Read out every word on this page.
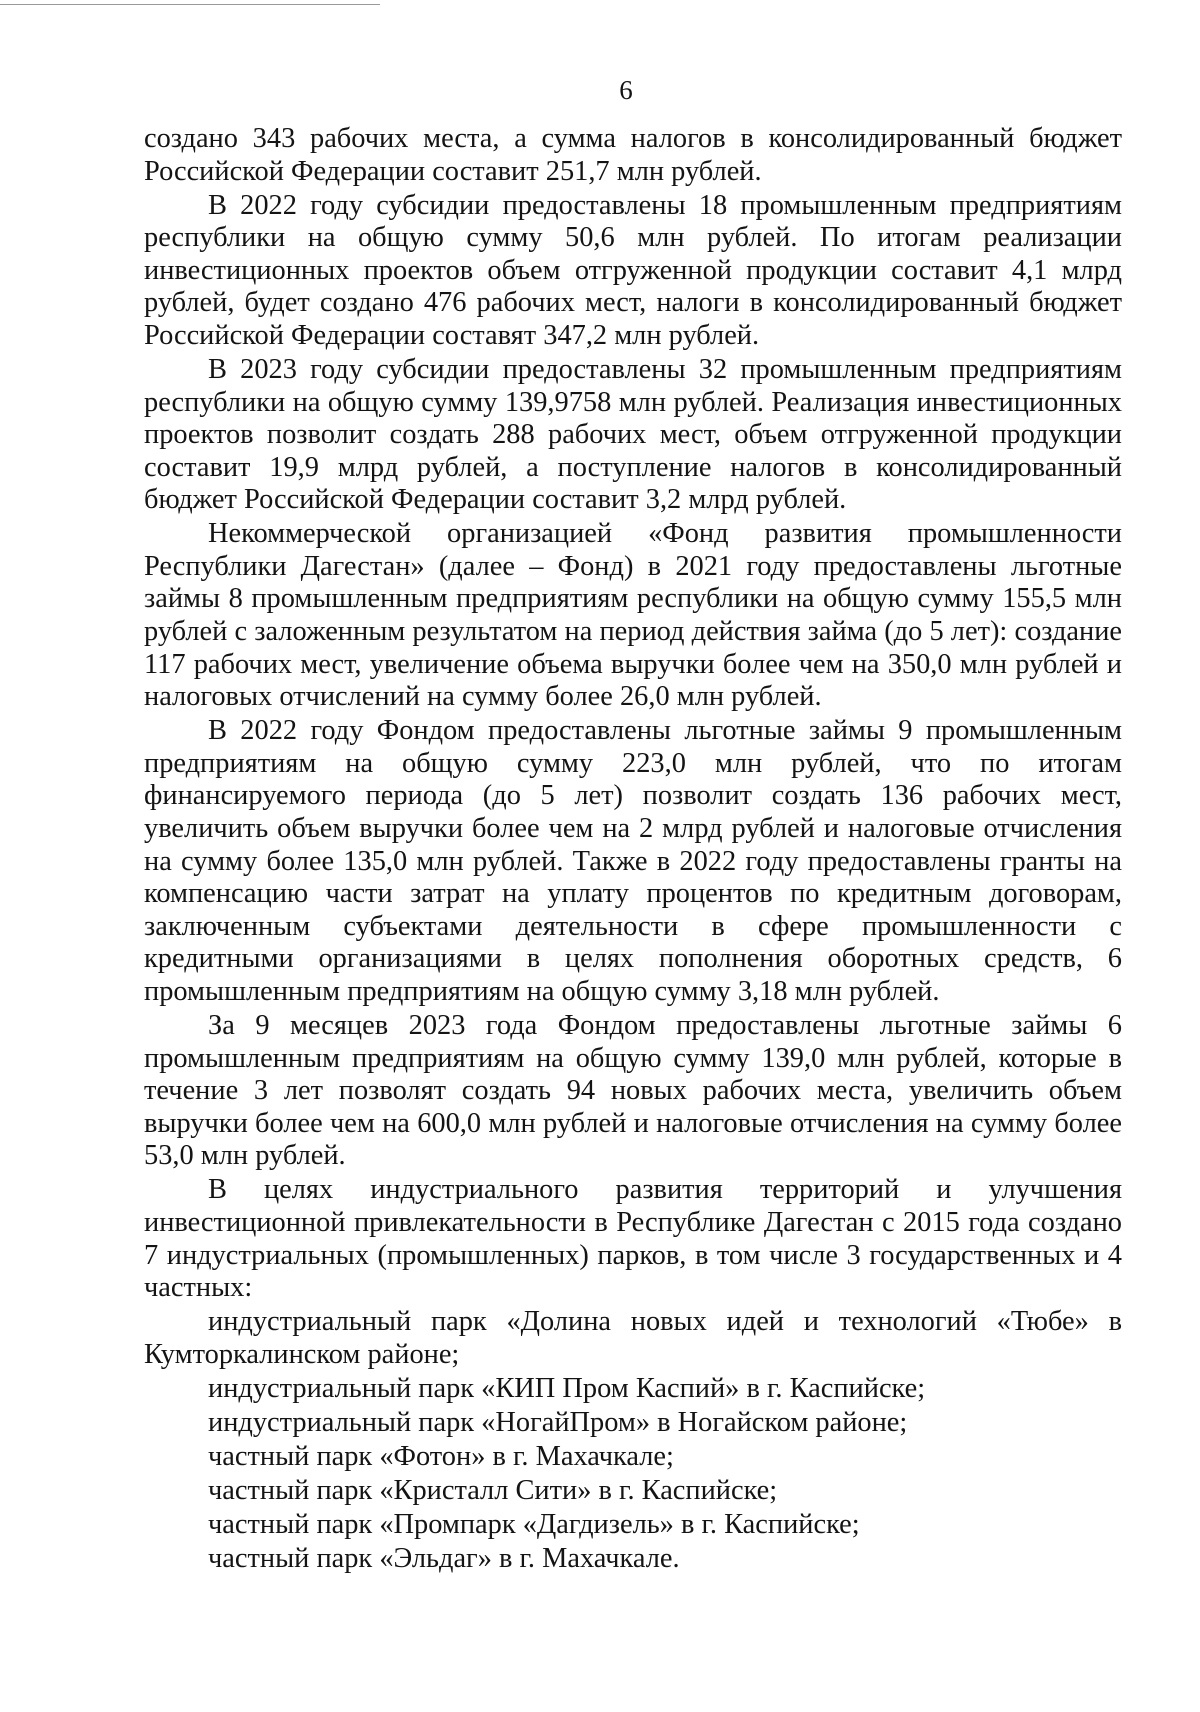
6

создано 343 рабочих места, а сумма налогов в консолидированный бюджет Российской Федерации составит 251,7 млн рублей.

В 2022 году субсидии предоставлены 18 промышленным предприятиям республики на общую сумму 50,6 млн рублей. По итогам реализации инвестиционных проектов объем отгруженной продукции составит 4,1 млрд рублей, будет создано 476 рабочих мест, налоги в консолидированный бюджет Российской Федерации составят 347,2 млн рублей.

В 2023 году субсидии предоставлены 32 промышленным предприятиям республики на общую сумму 139,9758 млн рублей. Реализация инвестиционных проектов позволит создать 288 рабочих мест, объем отгруженной продукции составит 19,9 млрд рублей, а поступление налогов в консолидированный бюджет Российской Федерации составит 3,2 млрд рублей.

Некоммерческой организацией «Фонд развития промышленности Республики Дагестан» (далее – Фонд) в 2021 году предоставлены льготные займы 8 промышленным предприятиям республики на общую сумму 155,5 млн рублей с заложенным результатом на период действия займа (до 5 лет): создание 117 рабочих мест, увеличение объема выручки более чем на 350,0 млн рублей и налоговых отчислений на сумму более 26,0 млн рублей.

В 2022 году Фондом предоставлены льготные займы 9 промышленным предприятиям на общую сумму 223,0 млн рублей, что по итогам финансируемого периода (до 5 лет) позволит создать 136 рабочих мест, увеличить объем выручки более чем на 2 млрд рублей и налоговые отчисления на сумму более 135,0 млн рублей. Также в 2022 году предоставлены гранты на компенсацию части затрат на уплату процентов по кредитным договорам, заключенным субъектами деятельности в сфере промышленности с кредитными организациями в целях пополнения оборотных средств, 6 промышленным предприятиям на общую сумму 3,18 млн рублей.

За 9 месяцев 2023 года Фондом предоставлены льготные займы 6 промышленным предприятиям на общую сумму 139,0 млн рублей, которые в течение 3 лет позволят создать 94 новых рабочих места, увеличить объем выручки более чем на 600,0 млн рублей и налоговые отчисления на сумму более 53,0 млн рублей.

В целях индустриального развития территорий и улучшения инвестиционной привлекательности в Республике Дагестан с 2015 года создано 7 индустриальных (промышленных) парков, в том числе 3 государственных и 4 частных:

индустриальный парк «Долина новых идей и технологий «Тюбе» в Кумторкалинском районе;
индустриальный парк «КИП Пром Каспий» в г. Каспийске;
индустриальный парк «НогайПром» в Ногайском районе;
частный парк «Фотон» в г. Махачкале;
частный парк «Кристалл Сити» в г. Каспийске;
частный парк «Промпарк «Дагдизель» в г. Каспийске;
частный парк «Эльдаг» в г. Махачкале.
